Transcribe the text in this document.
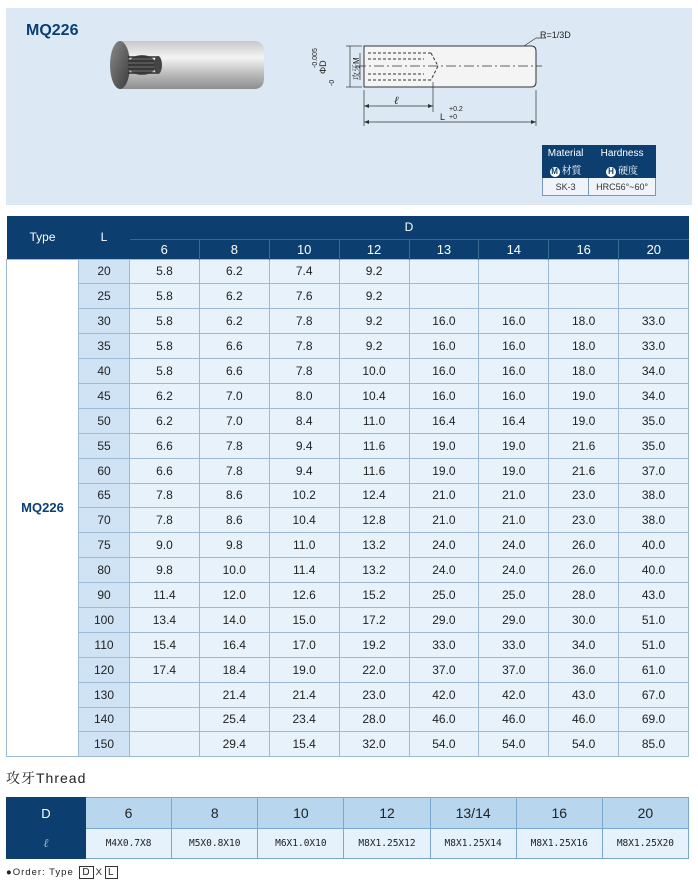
MQ226	R=1/3D
ΦD
-0.005
-0
攻牙M
ℓ
L
+0.2
+0
Material	Hardness
M 材質	H 硬度
SK-3	HRC56°~60°
Type	L	D							
		6	8	10	12	13	14	16	20
MQ226	20	5.8	6.2	7.4	9.2				
	25	5.8	6.2	7.6	9.2				
	30	5.8	6.2	7.8	9.2	16.0	16.0	18.0	33.0
	35	5.8	6.6	7.8	9.2	16.0	16.0	18.0	33.0
	40	5.8	6.6	7.8	10.0	16.0	16.0	18.0	34.0
	45	6.2	7.0	8.0	10.4	16.0	16.0	19.0	34.0
	50	6.2	7.0	8.4	11.0	16.4	16.4	19.0	35.0
	55	6.6	7.8	9.4	11.6	19.0	19.0	21.6	35.0
	60	6.6	7.8	9.4	11.6	19.0	19.0	21.6	37.0
	65	7.8	8.6	10.2	12.4	21.0	21.0	23.0	38.0
	70	7.8	8.6	10.4	12.8	21.0	21.0	23.0	38.0
	75	9.0	9.8	11.0	13.2	24.0	24.0	26.0	40.0
	80	9.8	10.0	11.4	13.2	24.0	24.0	26.0	40.0
	90	11.4	12.0	12.6	15.2	25.0	25.0	28.0	43.0
	100	13.4	14.0	15.0	17.2	29.0	29.0	30.0	51.0
	110	15.4	16.4	17.0	19.2	33.0	33.0	34.0	51.0
	120	17.4	18.4	19.0	22.0	37.0	37.0	36.0	61.0
	130		21.4	21.4	23.0	42.0	42.0	43.0	67.0
	140		25.4	23.4	28.0	46.0	46.0	46.0	69.0
	150		29.4	15.4	32.0	54.0	54.0	54.0	85.0
攻牙Thread
D	6	8	10	12	13/14	16	20
ℓ	M4X0.7X8	M5X0.8X10	M6X1.0X10	M8X1.25X12	M8X1.25X14	M8X1.25X16	M8X1.25X20
●Order: Type D X L
